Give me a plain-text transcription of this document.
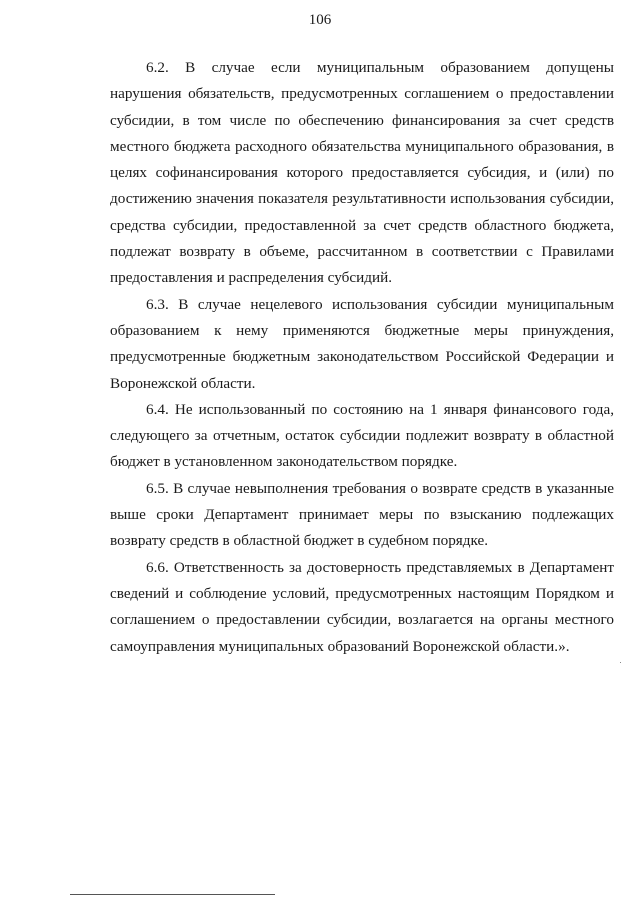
106

6.2. В случае если муниципальным образованием допущены нарушения обязательств, предусмотренных соглашением о предоставлении субсидии, в том числе по обеспечению финансирования за счет средств местного бюджета расходного обязательства муниципального образования, в целях софинансирования которого предоставляется субсидия, и (или) по достижению значения показателя результативности использования субсидии, средства субсидии, предоставленной за счет средств областного бюджета, подлежат возврату в объеме, рассчитанном в соответствии с Правилами предоставления и распределения субсидий.

6.3. В случае нецелевого использования субсидии муниципальным образованием к нему применяются бюджетные меры принуждения, предусмотренные бюджетным законодательством Российской Федерации и Воронежской области.

6.4. Не использованный по состоянию на 1 января финансового года, следующего за отчетным, остаток субсидии подлежит возврату в областной бюджет в установленном законодательством порядке.

6.5. В случае невыполнения требования о возврате средств в указанные выше сроки Департамент принимает меры по взысканию подлежащих возврату средств в областной бюджет в судебном порядке.

6.6. Ответственность за достоверность представляемых в Департамент сведений и соблюдение условий, предусмотренных настоящим Порядком и соглашением о предоставлении субсидии, возлагается на органы местного самоуправления муниципальных образований Воронежской области.».
